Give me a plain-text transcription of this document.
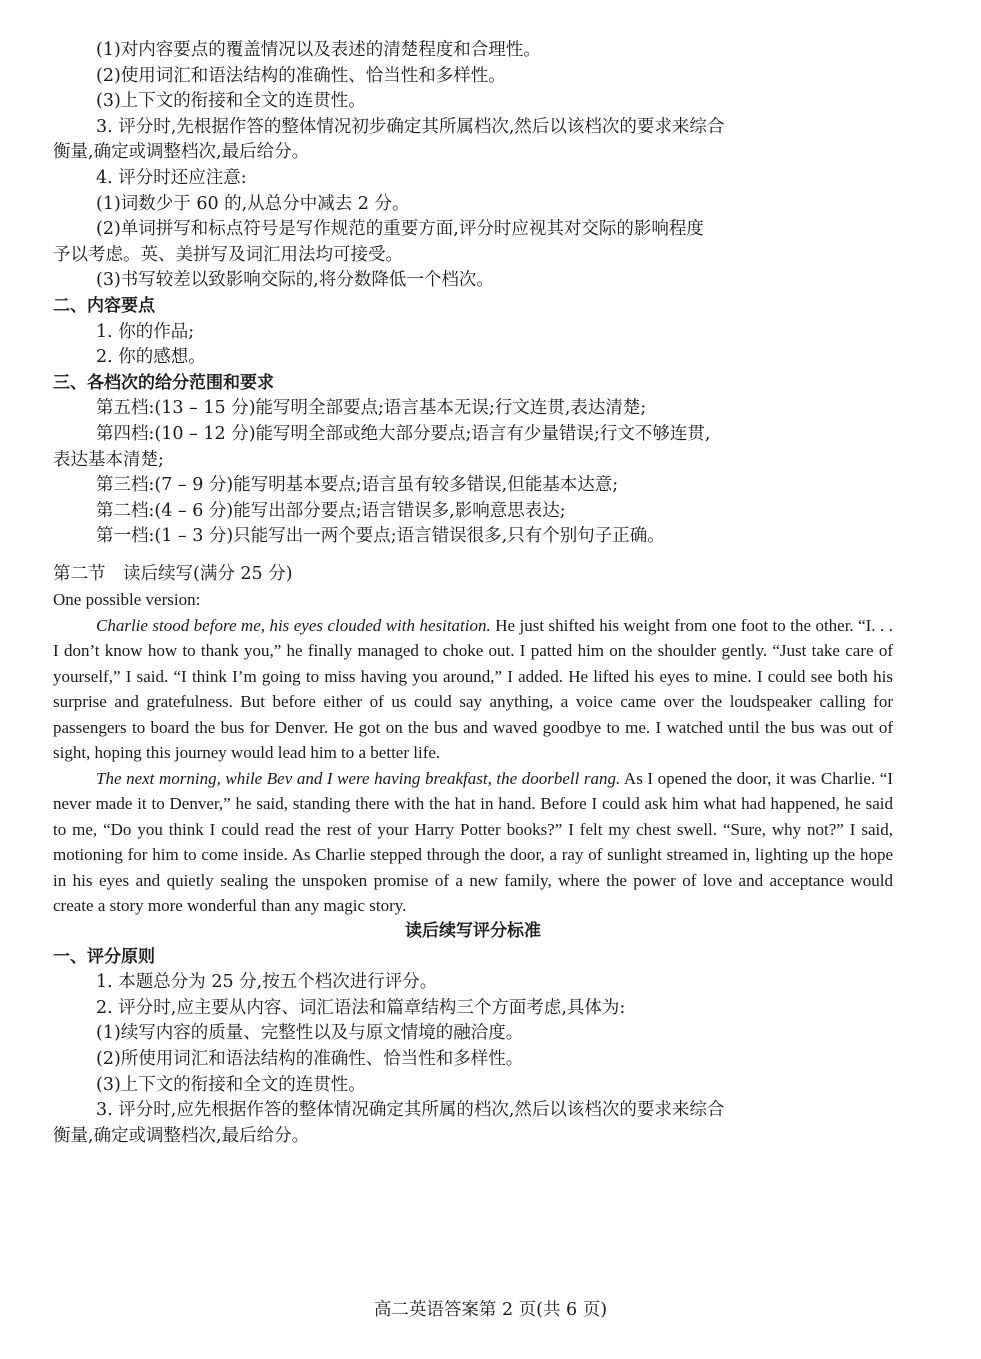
(1)对内容要点的覆盖情况以及表述的清楚程度和合理性。
(2)使用词汇和语法结构的准确性、恰当性和多样性。
(3)上下文的衔接和全文的连贯性。
3. 评分时,先根据作答的整体情况初步确定其所属档次,然后以该档次的要求来综合
衡量,确定或调整档次,最后给分。
4. 评分时还应注意:
(1)词数少于 60 的,从总分中减去 2 分。
(2)单词拼写和标点符号是写作规范的重要方面,评分时应视其对交际的影响程度
予以考虑。英、美拼写及词汇用法均可接受。
(3)书写较差以致影响交际的,将分数降低一个档次。
二、内容要点
1. 你的作品;
2. 你的感想。
三、各档次的给分范围和要求
第五档:(13 – 15 分)能写明全部要点;语言基本无误;行文连贯,表达清楚;
第四档:(10 – 12 分)能写明全部或绝大部分要点;语言有少量错误;行文不够连贯,
表达基本清楚;
第三档:(7 – 9 分)能写明基本要点;语言虽有较多错误,但能基本达意;
第二档:(4 – 6 分)能写出部分要点;语言错误多,影响意思表达;
第一档:(1 – 3 分)只能写出一两个要点;语言错误很多,只有个别句子正确。
第二节　读后续写(满分 25 分)
One possible version:

Charlie stood before me, his eyes clouded with hesitation. He just shifted his weight from one foot to the other. “I. . . I don’t know how to thank you,” he finally managed to choke out. I patted him on the shoulder gently. “Just take care of yourself,” I said. “I think I’m going to miss having you around,” I added. He lifted his eyes to mine. I could see both his surprise and gratefulness. But before either of us could say anything, a voice came over the loudspeaker calling for passengers to board the bus for Denver. He got on the bus and waved goodbye to me. I watched until the bus was out of sight, hoping this journey would lead him to a better life.

The next morning, while Bev and I were having breakfast, the doorbell rang. As I opened the door, it was Charlie. “I never made it to Denver,” he said, standing there with the hat in hand. Before I could ask him what had happened, he said to me, “Do you think I could read the rest of your Harry Potter books?” I felt my chest swell. “Sure, why not?” I said, motioning for him to come inside. As Charlie stepped through the door, a ray of sunlight streamed in, lighting up the hope in his eyes and quietly sealing the unspoken promise of a new family, where the power of love and acceptance would create a story more wonderful than any magic story.

读后续写评分标准
一、评分原则
1. 本题总分为 25 分,按五个档次进行评分。
2. 评分时,应主要从内容、词汇语法和篇章结构三个方面考虑,具体为:
(1)续写内容的质量、完整性以及与原文情境的融洽度。
(2)所使用词汇和语法结构的准确性、恰当性和多样性。
(3)上下文的衔接和全文的连贯性。
3. 评分时,应先根据作答的整体情况确定其所属的档次,然后以该档次的要求来综合
衡量,确定或调整档次,最后给分。
高二英语答案第 2 页(共 6 页)
